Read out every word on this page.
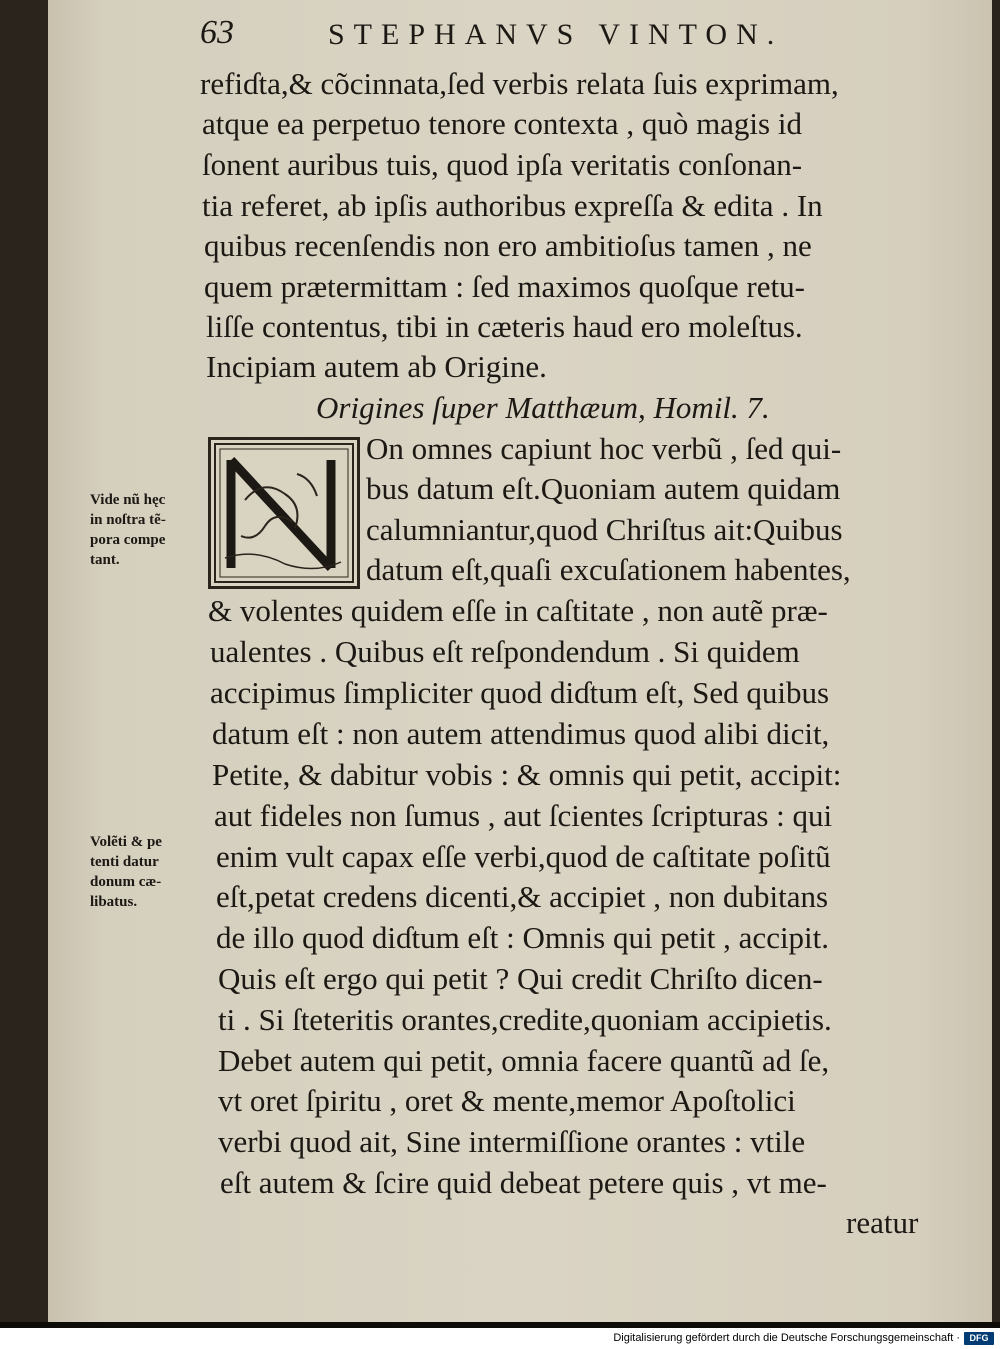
63	STEPHANVS VINTON.
refiɗta,& cõcinnata,ſed verbis relata ſuis exprimam,
atque ea perpetuo tenore contexta , quò magis id
ſonent auribus tuis, quod ipſa veritatis conſonan-
tia referet, ab ipſis authoribus expreſſa & edita . In
quibus recenſendis non ero ambitioſus tamen , ne
quem prætermittam : ſed maximos quoſque retu-
liſſe contentus, tibi in cæteris haud ero moleſtus.
Incipiam autem ab Origine.
Origines ſuper Matthæum, Homil. 7.
On omnes capiunt hoc verbũ , ſed qui-
bus datum eſt.Quoniam autem quidam
calumniantur,quod Chriſtus ait:Quibus
datum eſt,quaſi excuſationem habentes,
& volentes quidem eſſe in caſtitate , non autẽ præ-
ualentes . Quibus eſt reſpondendum . Si quidem
accipimus ſimpliciter quod diɗtum eſt, Sed quibus
datum eſt : non autem attendimus quod alibi dicit,
Petite, & dabitur vobis : & omnis qui petit, accipit:
aut fideles non ſumus , aut ſcientes ſcripturas : qui
enim vult capax eſſe verbi,quod de caſtitate poſitũ
eſt,petat credens dicenti,& accipiet , non dubitans
de illo quod diɗtum eſt : Omnis qui petit , accipit.
Quis eſt ergo qui petit ? Qui credit Chriſto dicen-
ti . Si ſteteritis orantes,credite,quoniam accipietis.
Debet autem qui petit, omnia facere quantũ ad ſe,
vt oret ſpiritu , oret & mente,memor Apoſtolici
verbi quod ait, Sine intermiſſione orantes : vtile
eſt autem & ſcire quid debeat petere quis , vt me-
reatur
Vide nũ hęc
in noſtra tẽ-
pora compe
tant.
Volẽti & pe
tenti datur
donum cæ-
libatus.
Digitalisierung gefördert durch die Deutsche Forschungsgemeinschaft ·	DFG
